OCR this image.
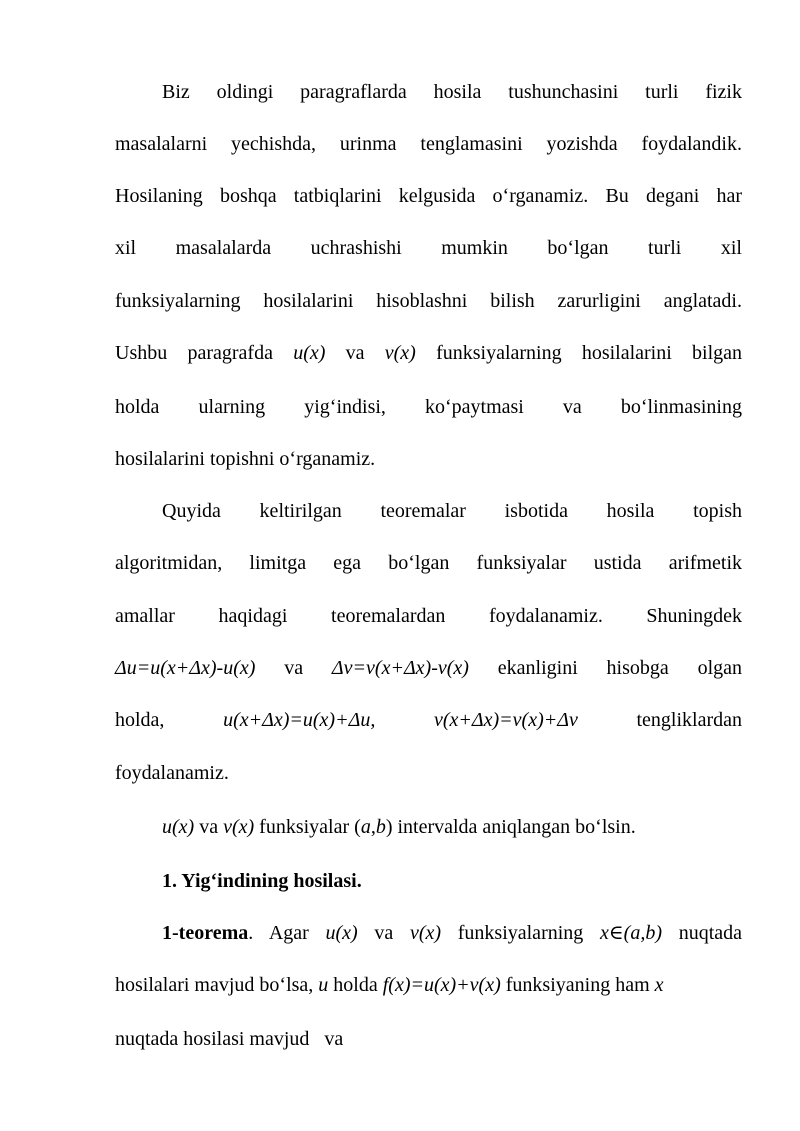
Biz oldingi paragraflarda hosila tushunchasini turli fizik
masalalarni yechishda, urinma tenglamasini yozishda foydalandik.
Hosilaning boshqa tatbiqlarini kelgusida o‘rganamiz. Bu degani har
xil masalalarda uchrashishi mumkin bo‘lgan turli xil
funksiyalarning hosilalarini hisoblashni bilish zarurligini anglatadi.
Ushbu paragrafda u(x) va v(x) funksiyalarning hosilalarini bilgan
holda ularning yig‘indisi, ko‘paytmasi va bo‘linmasining
hosilalarini topishni o‘rganamiz.
Quyida keltirilgan teoremalar isbotida hosila topish
algoritmidan, limitga ega bo‘lgan funksiyalar ustida arifmetik
amallar haqidagi teoremalardan foydalanamiz. Shuningdek
Δu=u(x+Δx)-u(x) va Δv=v(x+Δx)-v(x) ekanligini hisobga olgan
holda,	u(x+Δx)=u(x)+Δu,	v(x+Δx)=v(x)+Δv	tengliklardan
foydalanamiz.
u(x) va v(x) funksiyalar (a,b) intervalda aniqlangan bo‘lsin.
1. Yig‘indining hosilasi.
1-teorema. Agar u(x) va v(x) funksiyalarning x∈(a,b) nuqtada
hosilalari mavjud bo‘lsa, u holda f(x)=u(x)+v(x) funksiyaning ham x
nuqtada hosilasi mavjud   va
